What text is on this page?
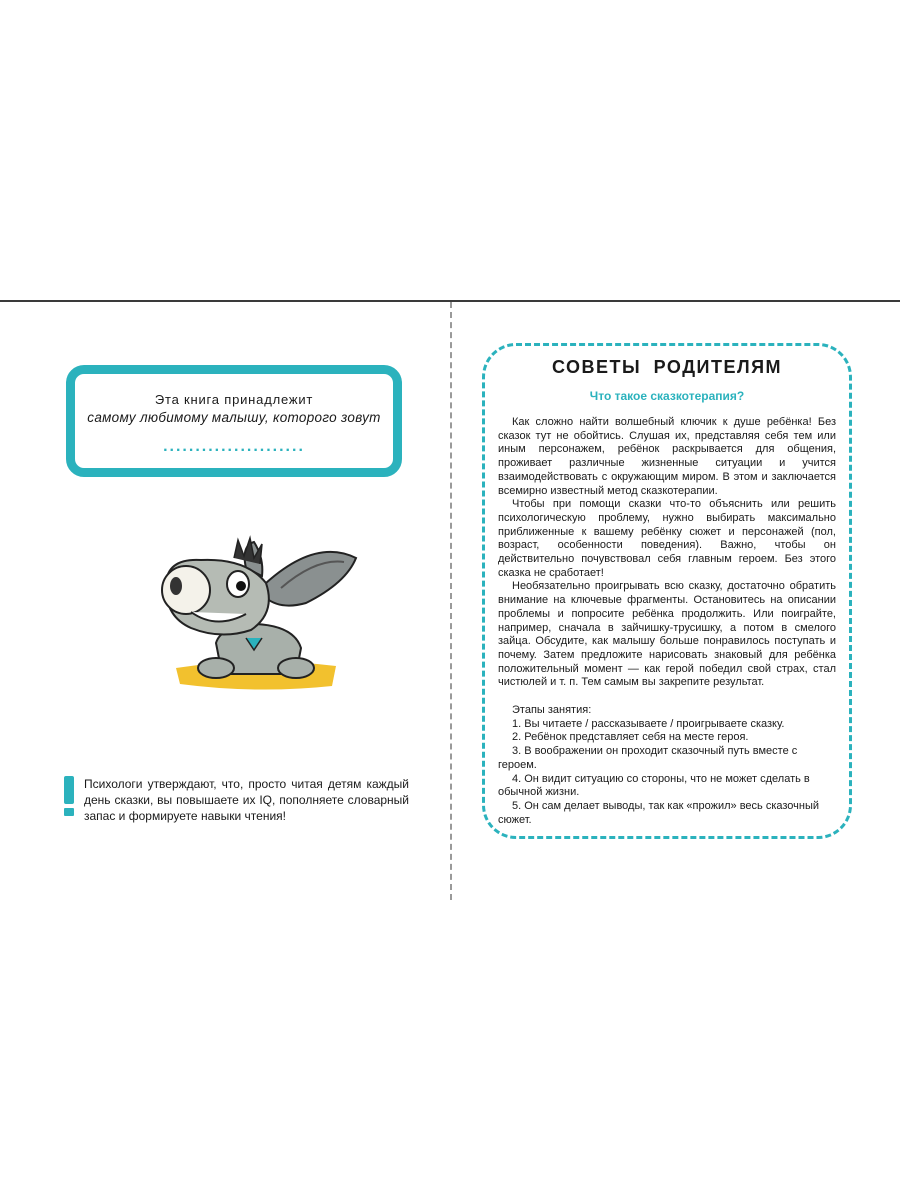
Эта книга принадлежит
самому любимому малышу, которого зовут
......................
Психологи утверждают, что, просто читая детям каждый день сказки, вы повышаете их IQ, пополняете словарный запас и формируете навыки чтения!
СОВЕТЫ РОДИТЕЛЯМ
Что такое сказкотерапия?

Как сложно найти волшебный ключик к душе ребёнка! Без сказок тут не обойтись. Слушая их, представляя себя тем или иным персонажем, ребёнок раскрывается для общения, проживает различные жизненные ситуации и учится взаимодействовать с окружающим миром. В этом и заключается всемирно известный метод сказкотерапии.

Чтобы при помощи сказки что-то объяснить или решить психологическую проблему, нужно выбирать максимально приближенные к вашему ребёнку сюжет и персонажей (пол, возраст, особенности поведения). Важно, чтобы он действительно почувствовал себя главным героем. Без этого сказка не сработает!

Необязательно проигрывать всю сказку, достаточно обратить внимание на ключевые фрагменты. Остановитесь на описании проблемы и попросите ребёнка продолжить. Или поиграйте, например, сначала в зайчишку-трусишку, а потом в смелого зайца. Обсудите, как малышу больше понравилось поступать и почему. Затем предложите нарисовать знаковый для ребёнка положительный момент — как герой победил свой страх, стал чистюлей и т. п. Тем самым вы закрепите результат.

Этапы занятия:

1. Вы читаете / рассказываете / проигрываете сказку.

2. Ребёнок представляет себя на месте героя.

3. В воображении он проходит сказочный путь вместе с героем.

4. Он видит ситуацию со стороны, что не может сделать в обычной жизни.

5. Он сам делает выводы, так как «прожил» весь сказочный сюжет.
